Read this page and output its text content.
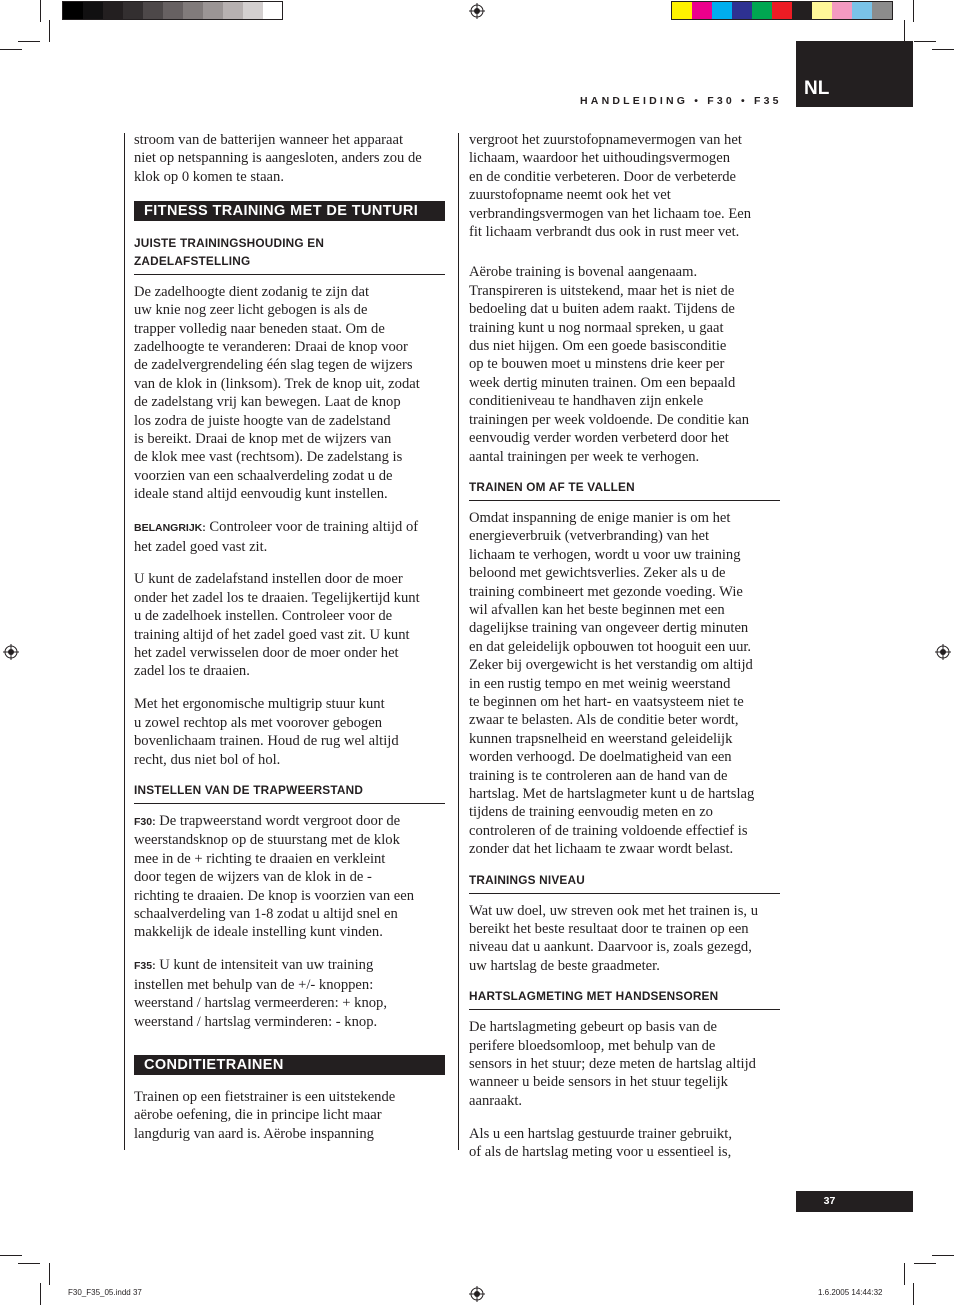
HANDLEIDING • F30 • F35
NL

stroom van de batterijen wanneer het apparaat
niet op netspanning is aangesloten, anders zou de
klok op 0 komen te staan.

FITNESS TRAINING MET DE TUNTURI
JUISTE TRAININGSHOUDING EN
ZADELAFSTELLING

De zadelhoogte dient zodanig te zijn dat
uw knie nog zeer licht gebogen is als de
trapper volledig naar beneden staat. Om de
zadelhoogte te veranderen: Draai de knop voor
de zadelvergrendeling één slag tegen de wijzers
van de klok in (linksom). Trek de knop uit, zodat
de zadelstang vrij kan bewegen. Laat de knop
los zodra de juiste hoogte van de zadelstand
is bereikt. Draai de knop met de wijzers van
de klok mee vast (rechtsom). De zadelstang is
voorzien van een schaalverdeling zodat u de
ideale stand altijd eenvoudig kunt instellen.

BELANGRIJK: Controleer voor de training altijd of
het zadel goed vast zit.

U kunt de zadelafstand instellen door de moer
onder het zadel los te draaien. Tegelijkertijd kunt
u de zadelhoek instellen. Controleer voor de
training altijd of het zadel goed vast zit. U kunt
het zadel verwisselen door de moer onder het
zadel los te draaien.

Met het ergonomische multigrip stuur kunt
u zowel rechtop als met voorover gebogen
bovenlichaam trainen. Houd de rug wel altijd
recht, dus niet bol of hol.

INSTELLEN VAN DE TRAPWEERSTAND

F30: De trapweerstand wordt vergroot door de
weerstandsknop op de stuurstang met de klok
mee in de + richting te draaien en verkleint
door tegen de wijzers van de klok in de -
richting te draaien. De knop is voorzien van een
schaalverdeling van 1-8 zodat u altijd snel en
makkelijk de ideale instelling kunt vinden.

F35: U kunt de intensiteit van uw training
instellen met behulp van de +/- knoppen:
weerstand / hartslag vermeerderen: + knop,
weerstand / hartslag verminderen: - knop.

CONDITIETRAINEN

Trainen op een fietstrainer is een uitstekende
aërobe oefening, die in principe licht maar
langdurig van aard is. Aërobe inspanning

vergroot het zuurstofopnamevermogen van het
lichaam, waardoor het uithoudingsvermogen
en de conditie verbeteren. Door de verbeterde
zuurstofopname neemt ook het vet
verbrandingsvermogen van het lichaam toe. Een
fit lichaam verbrandt dus ook in rust meer vet.

Aërobe training is bovenal aangenaam.
Transpireren is uitstekend, maar het is niet de
bedoeling dat u buiten adem raakt. Tijdens de
training kunt u nog normaal spreken, u gaat
dus niet hijgen. Om een goede basisconditie
op te bouwen moet u minstens drie keer per
week dertig minuten trainen. Om een bepaald
conditieniveau te handhaven zijn enkele
trainingen per week voldoende. De conditie kan
eenvoudig verder worden verbeterd door het
aantal trainingen per week te verhogen.

TRAINEN OM AF TE VALLEN

Omdat inspanning de enige manier is om het
energieverbruik (vetverbranding) van het
lichaam te verhogen, wordt u voor uw training
beloond met gewichtsverlies. Zeker als u de
training combineert met gezonde voeding. Wie
wil afvallen kan het beste beginnen met een
dagelijkse training van ongeveer dertig minuten
en dat geleidelijk opbouwen tot hooguit een uur.
Zeker bij overgewicht is het verstandig om altijd
in een rustig tempo en met weinig weerstand
te beginnen om het hart- en vaatsysteem niet te
zwaar te belasten. Als de conditie beter wordt,
kunnen trapsnelheid en weerstand geleidelijk
worden verhoogd. De doelmatigheid van een
training is te controleren aan de hand van de
hartslag. Met de hartslagmeter kunt u de hartslag
tijdens de training eenvoudig meten en zo
controleren of de training voldoende effectief is
zonder dat het lichaam te zwaar wordt belast.

TRAININGS NIVEAU

Wat uw doel, uw streven ook met het trainen is, u
bereikt het beste resultaat door te trainen op een
niveau dat u aankunt. Daarvoor is, zoals gezegd,
uw hartslag de beste graadmeter.

HARTSLAGMETING MET HANDSENSOREN

De hartslagmeting gebeurt op basis van de
perifere bloedsomloop, met behulp van de
sensors in het stuur; deze meten de hartslag altijd
wanneer u beide sensors in het stuur tegelijk
aanraakt.

Als u een hartslag gestuurde trainer gebruikt,
of als de hartslag meting voor u essentieel is,

37
F30_F35_05.indd 37	1.6.2005 14:44:32
